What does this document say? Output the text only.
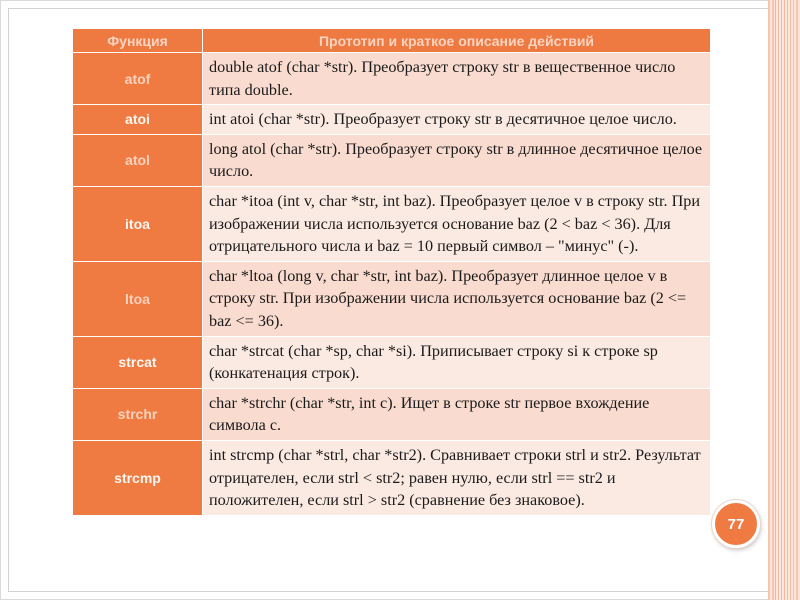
Функция	Прототип и краткое описание действий
atof	double atof (char *str). Преобразует строку str в вещественное число типа double.
atoi	int atoi (char *str). Преобразует строку str в десятичное целое число.
atol	long atol (char *str). Преобразует строку str в длинное десятичное целое число.
itoa	char *itoa (int v, char *str, int baz). Преобразует целое v в строку str. При изображении числа используется основание baz (2 < baz < 36). Для отрицательного числа и baz = 10 первый символ – "минус" (-).
ltoa	char *ltoa (long v, char *str, int baz). Преобразует длинное целое v в строку str. При изображении числа используется основание baz (2 <= baz <= 36).
strcat	char *strcat (char *sp, char *si). Приписывает строку si к строке sp (конкатенация строк).
strchr	char *strchr (char *str, int c). Ищет в строке str первое вхождение символа с.
strcmp	int strcmp (char *strl, char *str2). Сравнивает строки strl и str2. Результат отрицателен, если strl < str2; равен нулю, если strl == str2 и положителен, если strl > str2 (сравнение без знаковое).
77
